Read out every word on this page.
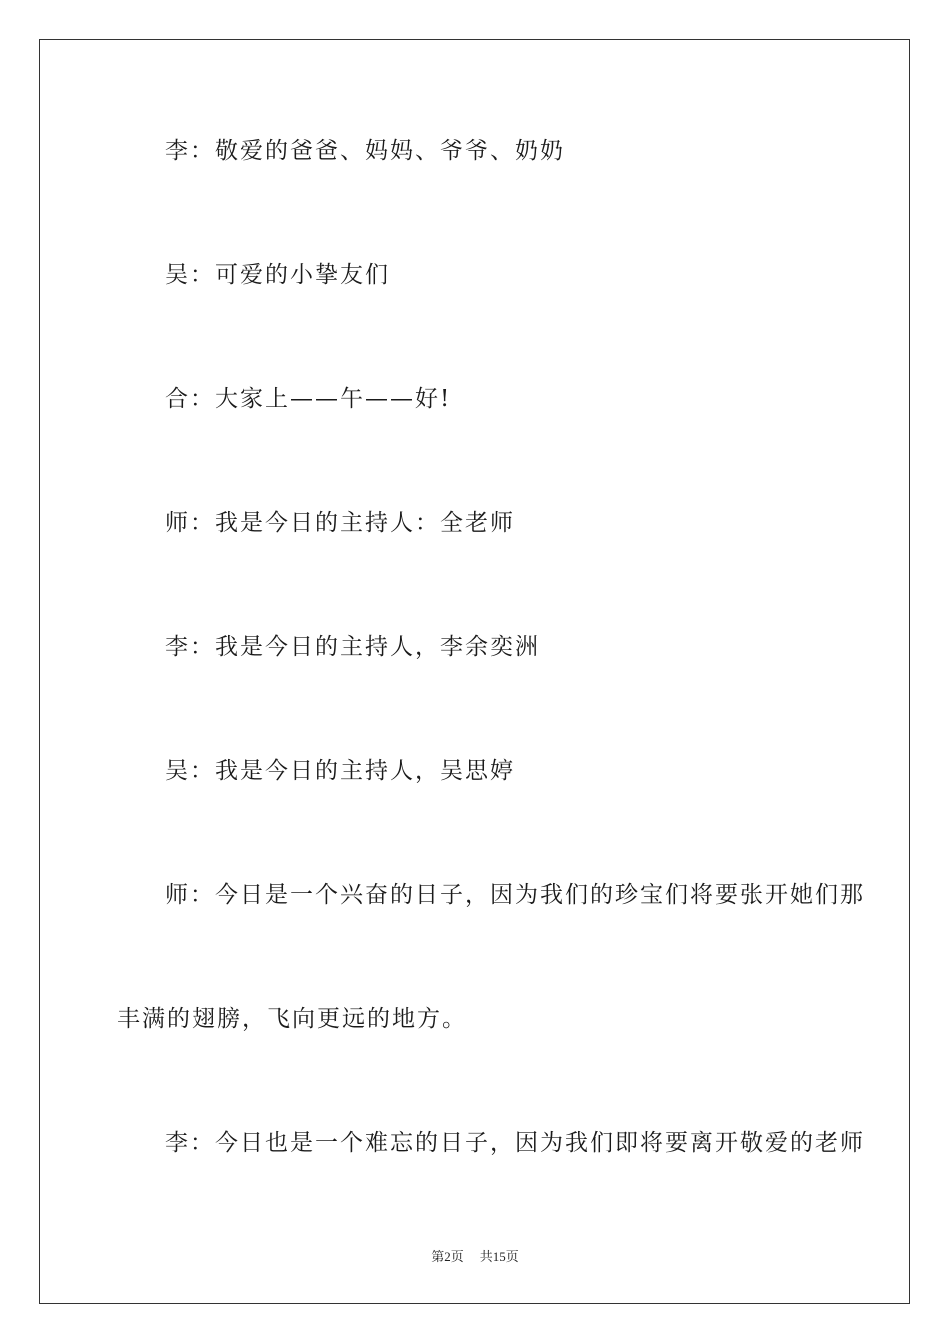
李：敬爱的爸爸、妈妈、爷爷、奶奶
吴：可爱的小挚友们
合：大家上——午——好!
师：我是今日的主持人：全老师
李：我是今日的主持人，李余奕洲
吴：我是今日的主持人，吴思婷
师：今日是一个兴奋的日子，因为我们的珍宝们将要张开她们那
丰满的翅膀，飞向更远的地方。
李：今日也是一个难忘的日子，因为我们即将要离开敬爱的老师
第2页 共15页
